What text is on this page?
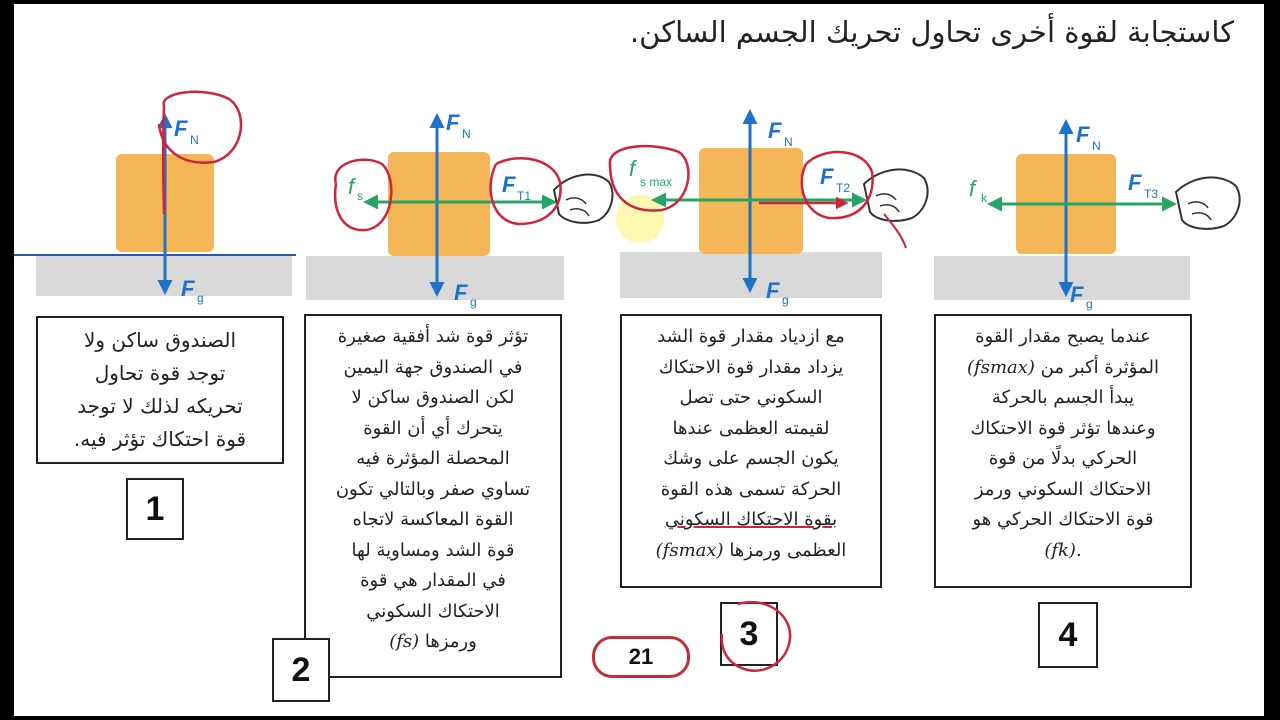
كاستجابة لقوة أخرى تحاول تحريك الجسم الساكن.
F N
F g
F N
F g
f s	F T1
F N
F g
f
s max	F T2
F N
F g
f k
F T3

الصندوق ساكن ولا

توجد قوة تحاول

تحريكه لذلك لا توجد

قوة احتكاك تؤثر فيه.

تؤثر قوة شد أفقية صغيرة

في الصندوق جهة اليمين

لكن الصندوق ساكن لا

يتحرك أي أن القوة

المحصلة المؤثرة فيه

تساوي صفر وبالتالي تكون

القوة المعاكسة لاتجاه

قوة الشد ومساوية لها

في المقدار هي قوة

الاحتكاك السكوني

ورمزها (fs)

مع ازدياد مقدار قوة الشد

يزداد مقدار قوة الاحتكاك

السكوني حتى تصل

لقيمته العظمى عندها

يكون الجسم على وشك

الحركة تسمى هذه القوة

بقوة الاحتكاك السكوني

العظمى ورمزها (fsmax)

عندما يصبح مقدار القوة

المؤثرة أكبر من (fsmax)

يبدأ الجسم بالحركة

وعندها تؤثر قوة الاحتكاك

الحركي بدلًا من قوة

الاحتكاك السكوني ورمز

قوة الاحتكاك الحركي هو

(fk).

1
2
3	4
21
